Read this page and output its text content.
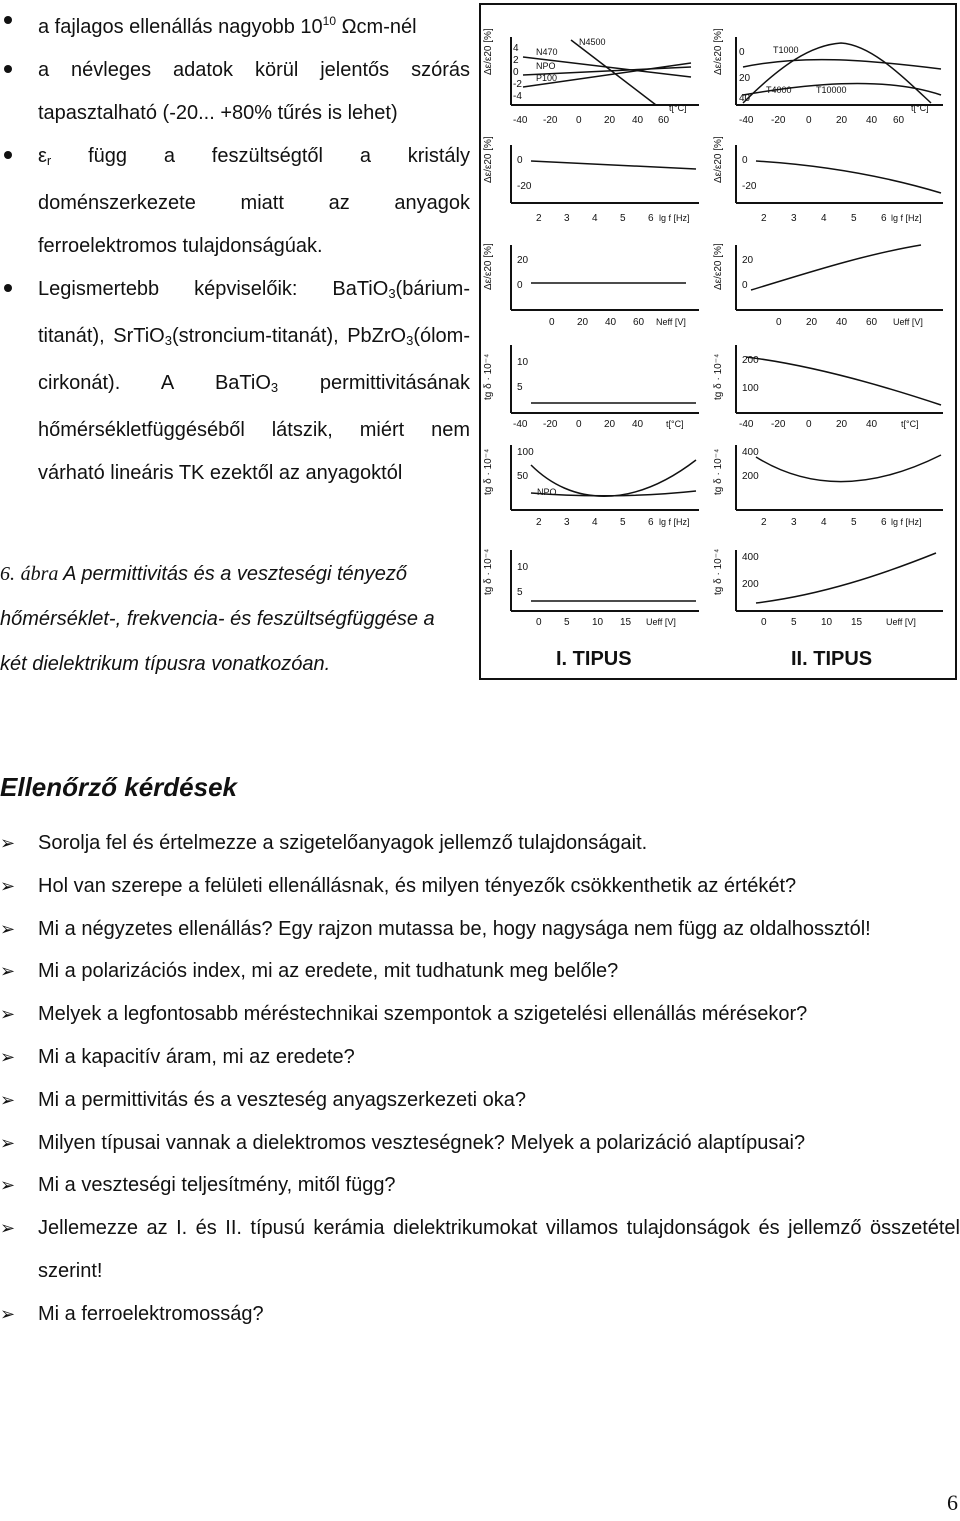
a fajlagos ellenállás nagyobb $10^{10}$ Ωcm-nél
a névleges adatok körül jelentős szórás tapasztalható (-20... +80% tűrés is lehet)
$\varepsilon_r$ függ a feszültségtől a kristály doménszerkezete miatt az anyagok ferroelektromos tulajdonságúak.
Legismertebb képviselőik: BaTiO$_3$(bárium-titanát), SrTiO$_3$(stroncium-titanát), PbZrO$_3$(ólom-cirkonát). A BaTiO$_3$ permittivitásának hőmérsékletfüggéséből látszik, miért nem várható lineáris TK ezektől az anyagoktól
6. ábra A permittivitás és a veszteségi tényező hőmérséklet-, frekvencia- és feszültségfüggése a két dielektrikum típusra vonatkozóan.
Δε/ε20 [%] 4
2
0
-2
-4
N470
N4500
NPO
P100
-40 -20 0 20 40 60
t[°C]
Δε/ε20 [%] 0
20
40
T1000
T4000	T10000
-40 -20 0 20 40 60
t[°C]
Δε/ε20 [%] 0
-20
2 3 4 5 6 lg f [Hz]
Δε/ε20 [%] 0
-20
2 3 4 5 6 lg f [Hz]
Δε/ε20 [%] 20
0
0 20 40 60 Neff [V]
Δε/ε20 [%] 20
0
0 20 40 60 Ueff [V]
tg δ · 10⁻⁴ 10
5
-40 -20 0 20 40	t[°C]
tg δ · 10⁻⁴ 200
100
-40 -20 0 20 40	t[°C]
tg δ · 10⁻⁴ 100
50
NPO
2 3 4 5 6 lg f [Hz]
tg δ · 10⁻⁴ 400
200
2 3 4 5 6 lg f [Hz]
tg δ · 10⁻⁴ 10
5
0 5 10 15 Ueff [V]
tg δ · 10⁻⁴ 400
200
0 5 10 15	Ueff [V]
I. TIPUS	II. TIPUS
Ellenőrző kérdések
➢ Sorolja fel és értelmezze a szigetelőanyagok jellemző tulajdonságait.
➢ Hol van szerepe a felületi ellenállásnak, és milyen tényezők csökkenthetik az értékét?
➢ Mi a négyzetes ellenállás? Egy rajzon mutassa be, hogy nagysága nem függ az oldalhossztól!
➢ Mi a polarizációs index, mi az eredete, mit tudhatunk meg belőle?
➢ Melyek a legfontosabb méréstechnikai szempontok a szigetelési ellenállás mérésekor?
➢ Mi a kapacitív áram, mi az eredete?
➢ Mi a permittivitás és a veszteség anyagszerkezeti oka?
➢ Milyen típusai vannak a dielektromos veszteségnek? Melyek a polarizáció alaptípusai?
➢ Mi a veszteségi teljesítmény, mitől függ?
➢ Jellemezze az I. és II. típusú kerámia dielektrikumokat villamos tulajdonságok és jellemző összetétel szerint!
➢ Mi a ferroelektromosság?
6
